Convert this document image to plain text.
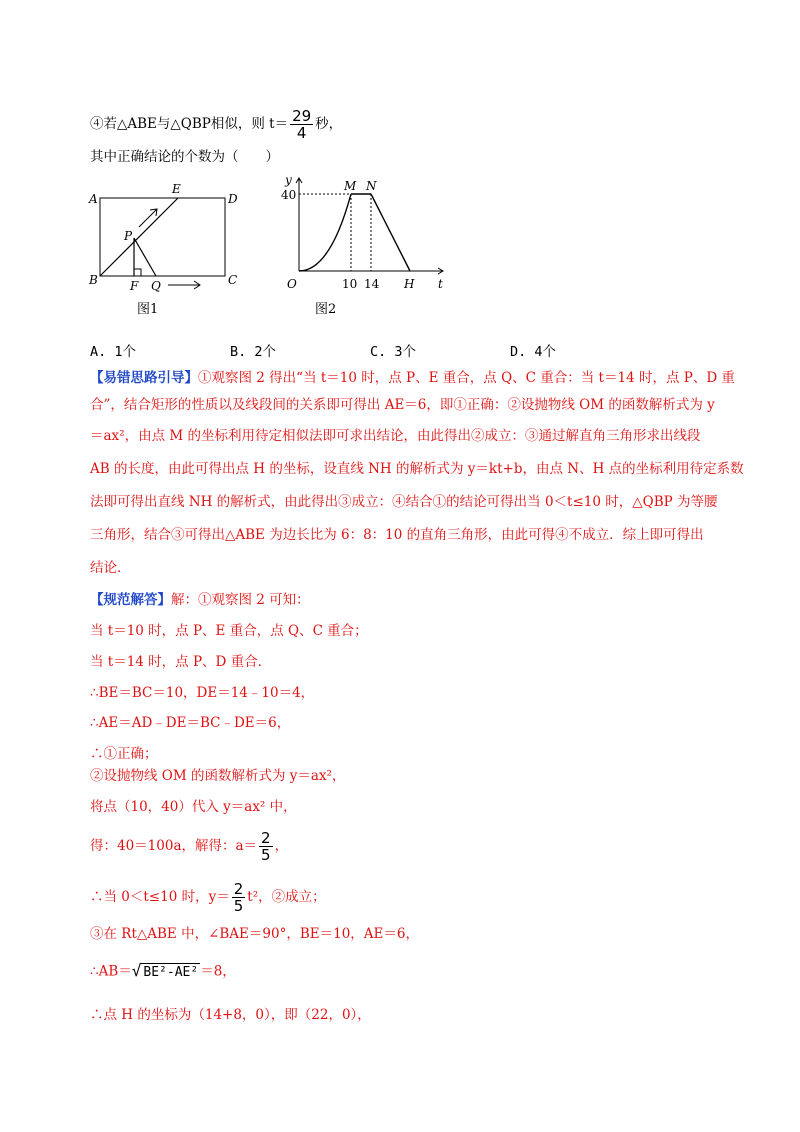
④若△ABE与△QBP相似，则 $t= \frac{29}{4}$ 秒，
其中正确结论的个数为（　　）
A
E
D
P
B	F Q	C
图1
y	M N
40
O	10 14 H t
图2
A. 1个	B. 2个	C. 3个	D. 4个
【易错思路引导】①观察图 2 得出“当 t＝10 时，点 P、E 重合，点 Q、C 重合：当 t＝14 时，点 P、D 重
合”，结合矩形的性质以及线段间的关系即可得出 AE＝6，即①正确：②设抛物线 OM 的函数解析式为 y
＝ax²，由点 M 的坐标利用待定相似法即可求出结论，由此得出②成立：③通过解直角三角形求出线段
AB 的长度，由此可得出点 H 的坐标，设直线 NH 的解析式为 y＝kt+b，由点 N、H 点的坐标利用待定系数
法即可得出直线 NH 的解析式，由此得出③成立：④结合①的结论可得出当 0＜t≤10 时，△QBP 为等腰
三角形，结合③可得出△ABE 为边长比为 6：8：10 的直角三角形，由此可得④不成立．综上即可得出
结论．
【规范解答】解：①观察图 2 可知：
当 t＝10 时，点 P、E 重合，点 Q、C 重合；
当 t＝14 时，点 P、D 重合．
∴BE＝BC＝10，DE＝14﹣10＝4，
∴AE＝AD﹣DE＝BC﹣DE＝6，
∴①正确；
②设抛物线 OM 的函数解析式为 y＝ax²，
将点（10，40）代入 y＝ax² 中，
得：40＝100a，解得：$a= \frac{2}{5}$ ，
∴当 0＜t≤10 时，$y= \frac{2}{5} t^2$，②成立；
③在 Rt△ABE 中，∠BAE＝90°，BE＝10，AE＝6，
∴AB＝√ BE²-AE² ＝8，
∴点 H 的坐标为（14+8，0），即（22，0），
